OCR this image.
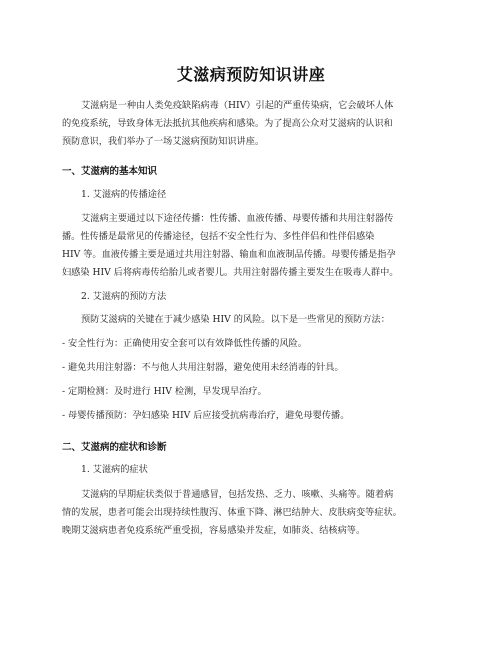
艾滋病预防知识讲座

艾滋病是一种由人类免疫缺陷病毒（HIV）引起的严重传染病，它会破坏人体

的免疫系统，导致身体无法抵抗其他疾病和感染。为了提高公众对艾滋病的认识和

预防意识，我们举办了一场艾滋病预防知识讲座。

一、艾滋病的基本知识

1. 艾滋病的传播途径

艾滋病主要通过以下途径传播：性传播、血液传播、母婴传播和共用注射器传

播。性传播是最常见的传播途径，包括不安全性行为、多性伴侣和性伴侣感染

HIV 等。血液传播主要是通过共用注射器、输血和血液制品传播。母婴传播是指孕

妇感染 HIV 后将病毒传给胎儿或者婴儿。共用注射器传播主要发生在吸毒人群中。

2. 艾滋病的预防方法

预防艾滋病的关键在于减少感染 HIV 的风险。以下是一些常见的预防方法：

- 安全性行为：正确使用安全套可以有效降低性传播的风险。

- 避免共用注射器：不与他人共用注射器，避免使用未经消毒的针具。

- 定期检测：及时进行 HIV 检测，早发现早治疗。

- 母婴传播预防：孕妇感染 HIV 后应接受抗病毒治疗，避免母婴传播。

二、艾滋病的症状和诊断

1. 艾滋病的症状

艾滋病的早期症状类似于普通感冒，包括发热、乏力、咳嗽、头痛等。随着病

情的发展，患者可能会出现持续性腹泻、体重下降、淋巴结肿大、皮肤病变等症状。

晚期艾滋病患者免疫系统严重受损，容易感染并发症，如肺炎、结核病等。
